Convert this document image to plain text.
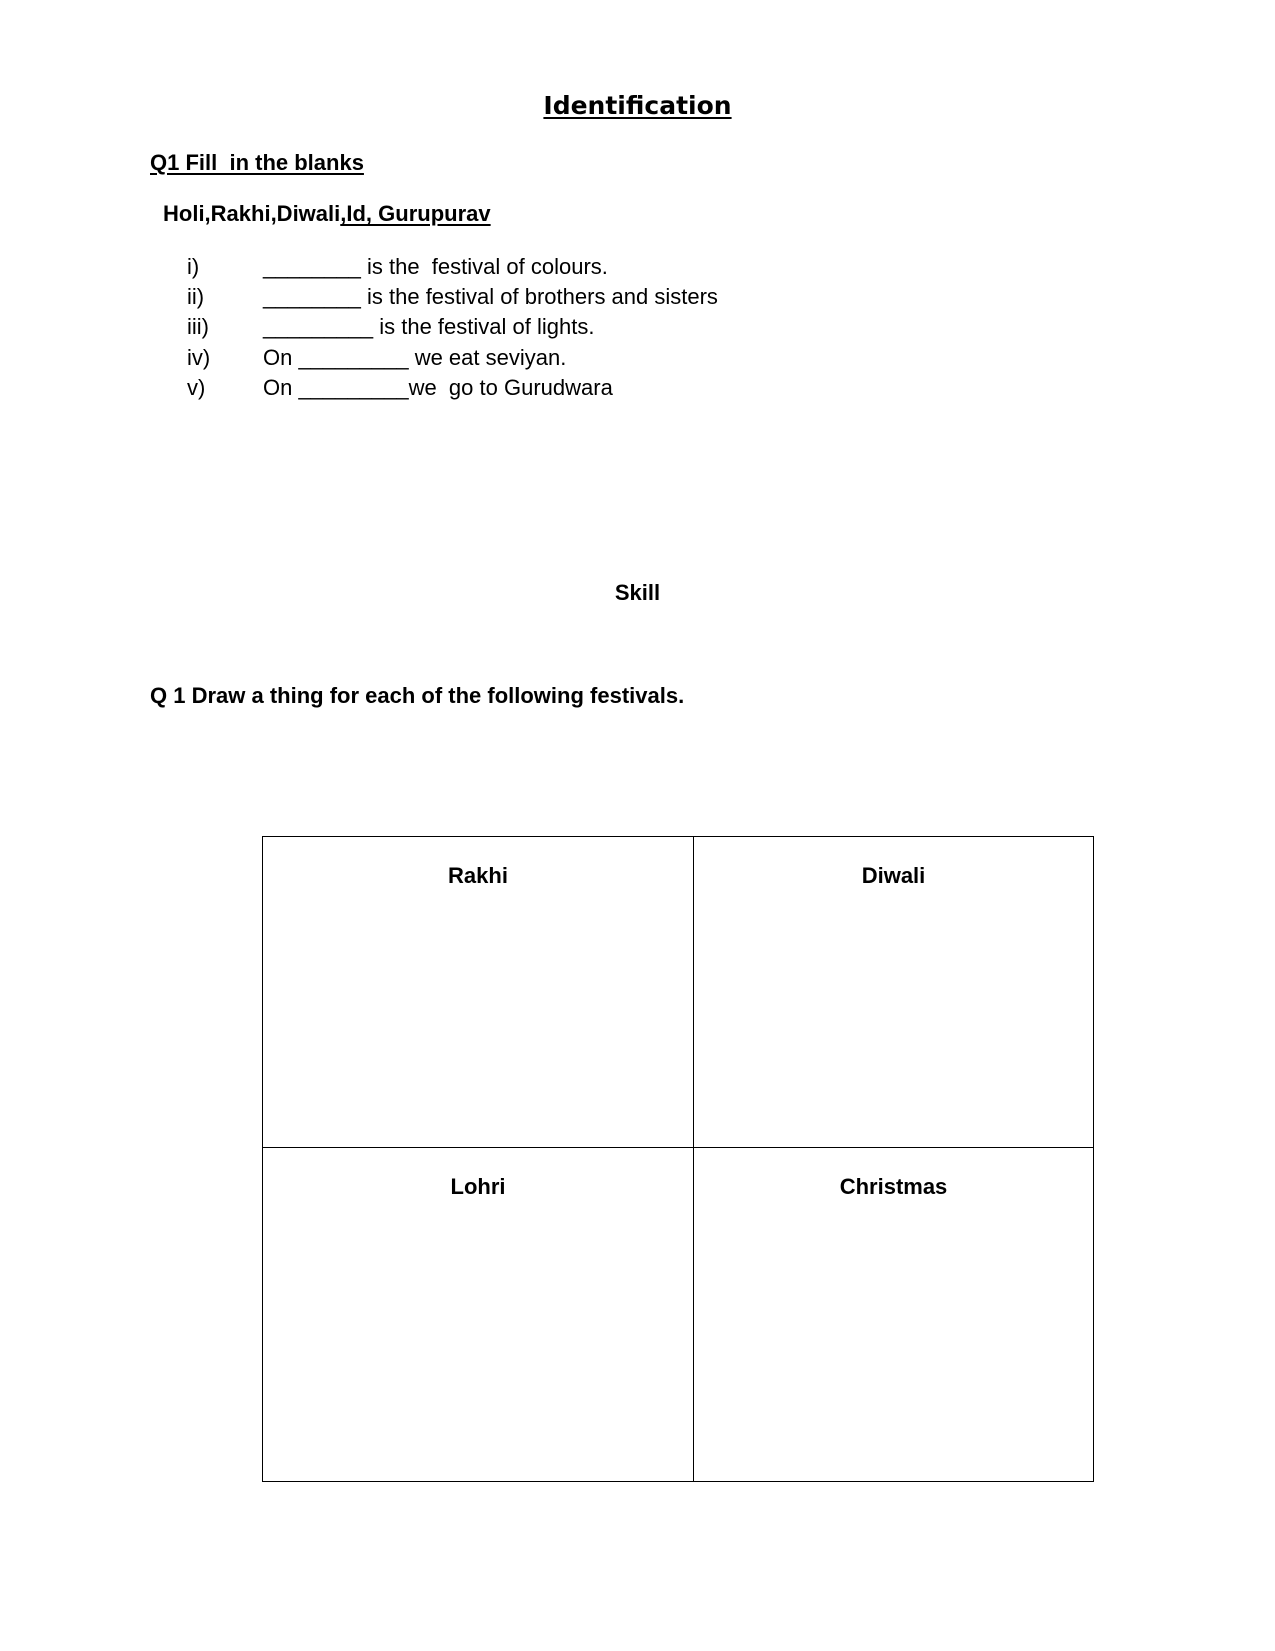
Identification
Q1 Fill  in the blanks
Holi,Rakhi,Diwali,Id, Gurupurav

i)

	________ is the  festival of colours.

ii)

	________ is the festival of brothers and sisters

iii)

_________ is the festival of lights.

iv)

On _________ we eat seviyan.

v)

	On _________we  go to Gurudwara

Skill
Q 1 Draw a thing for each of the following festivals.
Rakhi	Diwali
Lohri	Christmas
